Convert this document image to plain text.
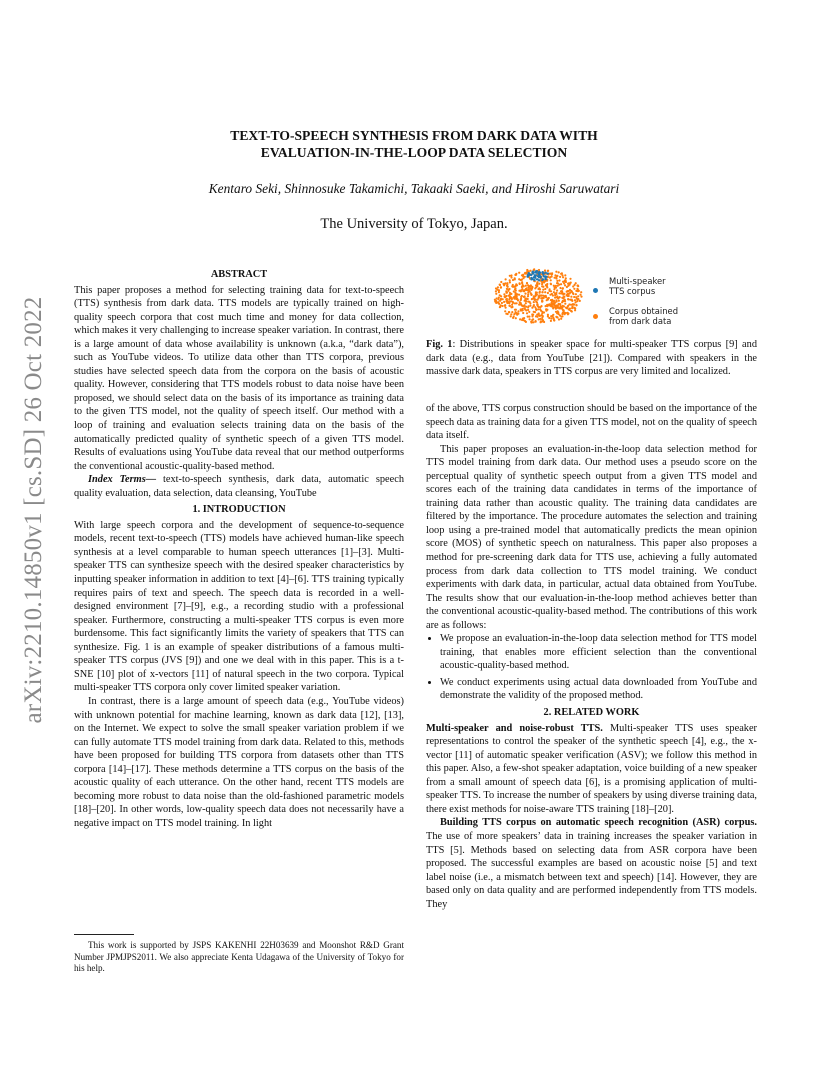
arXiv:2210.14850v1 [cs.SD] 26 Oct 2022
TEXT-TO-SPEECH SYNTHESIS FROM DARK DATA WITH
EVALUATION-IN-THE-LOOP DATA SELECTION
Kentaro Seki, Shinnosuke Takamichi, Takaaki Saeki, and Hiroshi Saruwatari
The University of Tokyo, Japan.
ABSTRACT

This paper proposes a method for selecting training data for text-to-speech (TTS) synthesis from dark data. TTS models are typically trained on high-quality speech corpora that cost much time and money for data collection, which makes it very challenging to increase speaker variation. In contrast, there is a large amount of data whose availability is unknown (a.k.a, “dark data”), such as YouTube videos. To utilize data other than TTS corpora, previous studies have selected speech data from the corpora on the basis of acoustic quality. However, considering that TTS models robust to data noise have been proposed, we should select data on the basis of its importance as training data to the given TTS model, not the quality of speech itself. Our method with a loop of training and evaluation selects training data on the basis of the automatically predicted quality of synthetic speech of a given TTS model. Results of evaluations using YouTube data reveal that our method outperforms the conventional acoustic-quality-based method.

Index Terms— text-to-speech synthesis, dark data, automatic speech quality evaluation, data selection, data cleansing, YouTube

1. INTRODUCTION

With large speech corpora and the development of sequence-to-sequence models, recent text-to-speech (TTS) models have achieved human-like speech synthesis at a level comparable to human speech utterances [1]–[3]. Multi-speaker TTS can synthesize speech with the desired speaker characteristics by inputting speaker information in addition to text [4]–[6]. TTS training typically requires pairs of text and speech. The speech data is recorded in a well-designed environment [7]–[9], e.g., a recording studio with a professional speaker. Furthermore, constructing a multi-speaker TTS corpus is even more burdensome. This fact significantly limits the variety of speakers that TTS can synthesize. Fig. 1 is an example of speaker distributions of a famous multi-speaker TTS corpus (JVS [9]) and one we deal with in this paper. This is a t-SNE [10] plot of x-vectors [11] of natural speech in the two corpora. Typical multi-speaker TTS corpora only cover limited speaker variation.

In contrast, there is a large amount of speech data (e.g., YouTube videos) with unknown potential for machine learning, known as dark data [12], [13], on the Internet. We expect to solve the small speaker variation problem if we can fully automate TTS model training from dark data. Related to this, methods have been proposed for building TTS corpora from datasets other than TTS corpora [14]–[17]. These methods determine a TTS corpus on the basis of the acoustic quality of each utterance. On the other hand, recent TTS models are becoming more robust to data noise than the old-fashioned parametric models [18]–[20]. In other words, low-quality speech data does not necessarily have a negative impact on TTS model training. In light

This work is supported by JSPS KAKENHI 22H03639 and Moonshot R&D Grant Number JPMJPS2011. We also appreciate Kenta Udagawa of the University of Tokyo for his help.
Multi-speaker
TTS corpus
Corpus obtained
from dark data
Fig. 1: Distributions in speaker space for multi-speaker TTS corpus [9] and dark data (e.g., data from YouTube [21]). Compared with speakers in the massive dark data, speakers in TTS corpus are very limited and localized.

of the above, TTS corpus construction should be based on the importance of the speech data as training data for a given TTS model, not on the quality of speech data itself.

This paper proposes an evaluation-in-the-loop data selection method for TTS model training from dark data. Our method uses a pseudo score on the perceptual quality of synthetic speech output from a given TTS model and scores each of the training data candidates in terms of the importance of training data rather than acoustic quality. The training data candidates are filtered by the importance. The procedure automates the selection and training loop using a pre-trained model that automatically predicts the mean opinion score (MOS) of synthetic speech on naturalness. This paper also proposes a method for pre-screening dark data for TTS use, achieving a fully automated process from dark data collection to TTS model training. We conduct experiments with dark data, in particular, actual data obtained from YouTube. The results show that our evaluation-in-the-loop method achieves better than the conventional acoustic-quality-based method. The contributions of this work are as follows:

• We propose an evaluation-in-the-loop data selection method for TTS model training, that enables more efficient selection than the conventional acoustic-quality-based method.
• We conduct experiments using actual data downloaded from YouTube and demonstrate the validity of the proposed method.
2. RELATED WORK

Multi-speaker and noise-robust TTS. Multi-speaker TTS uses speaker representations to control the speaker of the synthetic speech [4], e.g., the x-vector [11] of automatic speaker verification (ASV); we follow this method in this paper. Also, a few-shot speaker adaptation, voice building of a new speaker from a small amount of speech data [6], is a promising application of multi-speaker TTS. To increase the number of speakers by using diverse training data, there exist methods for noise-aware TTS training [18]–[20].

Building TTS corpus on automatic speech recognition (ASR) corpus. The use of more speakers’ data in training increases the speaker variation in TTS [5]. Methods based on selecting data from ASR corpora have been proposed. The successful examples are based on acoustic noise [5] and text label noise (i.e., a mismatch between text and speech) [14]. However, they are based only on data quality and are performed independently from TTS models. They
